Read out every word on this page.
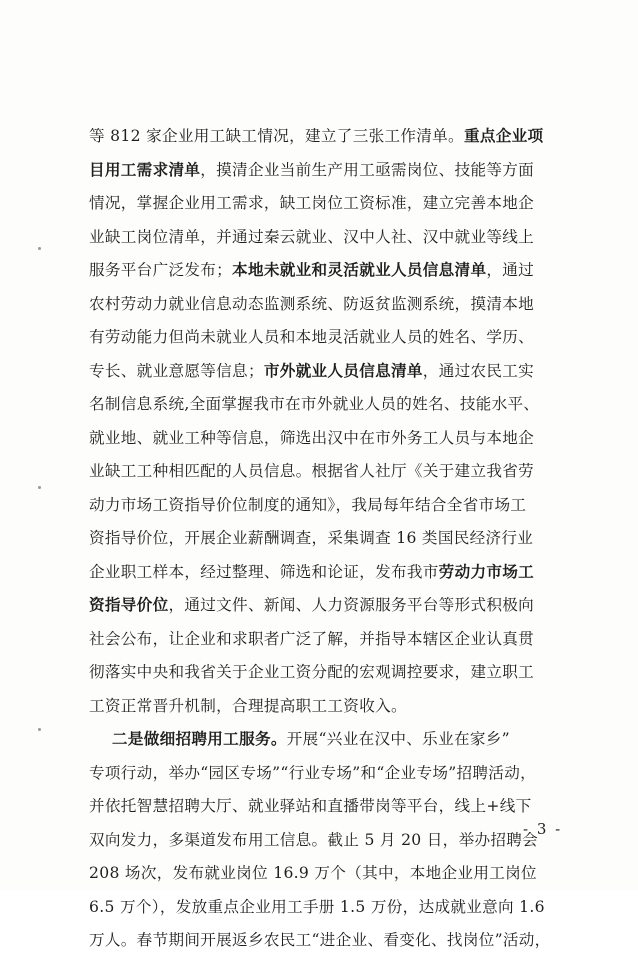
等 812 家企业用工缺工情况，建立了三张工作清单。重点企业项
目用工需求清单，摸清企业当前生产用工亟需岗位、技能等方面
情况，掌握企业用工需求，缺工岗位工资标准，建立完善本地企
业缺工岗位清单，并通过秦云就业、汉中人社、汉中就业等线上
服务平台广泛发布；本地未就业和灵活就业人员信息清单，通过
农村劳动力就业信息动态监测系统、防返贫监测系统，摸清本地
有劳动能力但尚未就业人员和本地灵活就业人员的姓名、学历、
专长、就业意愿等信息；市外就业人员信息清单，通过农民工实
名制信息系统,全面掌握我市在市外就业人员的姓名、技能水平、
就业地、就业工种等信息，筛选出汉中在市外务工人员与本地企
业缺工工种相匹配的人员信息。根据省人社厅《关于建立我省劳
动力市场工资指导价位制度的通知》，我局每年结合全省市场工
资指导价位，开展企业薪酬调查，采集调查 16 类国民经济行业
企业职工样本，经过整理、筛选和论证，发布我市劳动力市场工
资指导价位，通过文件、新闻、人力资源服务平台等形式积极向
社会公布，让企业和求职者广泛了解，并指导本辖区企业认真贯
彻落实中央和我省关于企业工资分配的宏观调控要求，建立职工
工资正常晋升机制，合理提高职工工资收入。
二是做细招聘用工服务。开展“兴业在汉中、乐业在家乡”
专项行动，举办“园区专场”“行业专场”和“企业专场”招聘活动，
并依托智慧招聘大厅、就业驿站和直播带岗等平台，线上+线下
双向发力，多渠道发布用工信息。截止 5 月 20 日，举办招聘会
208 场次，发布就业岗位 16.9 万个（其中，本地企业用工岗位
6.5 万个），发放重点企业用工手册 1.5 万份，达成就业意向 1.6
万人。春节期间开展返乡农民工“进企业、看变化、找岗位”活动，
- 3 -
